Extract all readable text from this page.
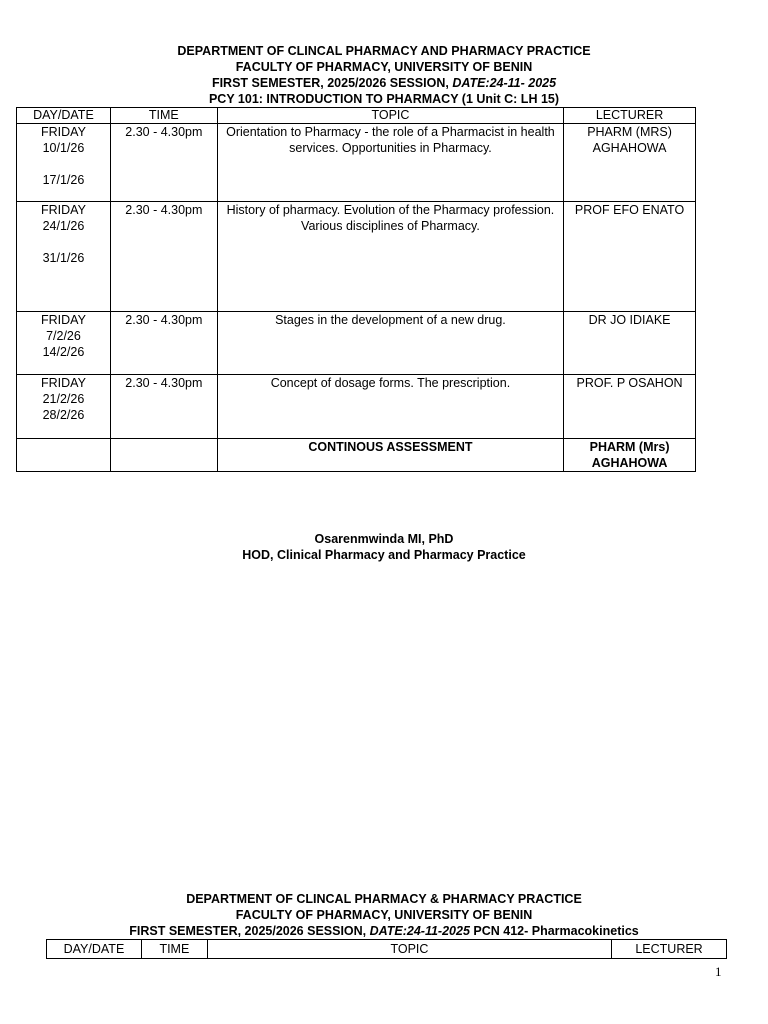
DEPARTMENT OF CLINCAL PHARMACY AND PHARMACY PRACTICE
FACULTY OF PHARMACY, UNIVERSITY OF BENIN
FIRST SEMESTER, 2025/2026 SESSION, DATE:24-11- 2025
PCY 101: INTRODUCTION TO PHARMACY (1 Unit C: LH 15)
DAY/DATE	TIME	TOPIC	LECTURER

FRIDAY
10/1/26
17/1/26	2.30 - 4.30pm	Orientation to Pharmacy - the role of a Pharmacist in health services. Opportunities in Pharmacy.	PHARM (MRS) AGHAHOWA

FRIDAY
24/1/26
31/1/26	2.30 - 4.30pm	History of pharmacy. Evolution of the Pharmacy profession. Various disciplines of Pharmacy.	PROF EFO ENATO

FRIDAY
7/2/26
14/2/26	2.30 - 4.30pm	Stages in the development of a new drug.	DR JO IDIAKE

FRIDAY
21/2/26
28/2/26	2.30 - 4.30pm	Concept of dosage forms. The prescription.	PROF. P OSAHON
		CONTINOUS ASSESSMENT	PHARM (Mrs)
AGHAHOWA
Osarenmwinda MI, PhD
HOD, Clinical Pharmacy and Pharmacy Practice
DEPARTMENT OF CLINCAL PHARMACY & PHARMACY PRACTICE
FACULTY OF PHARMACY, UNIVERSITY OF BENIN
FIRST SEMESTER, 2025/2026 SESSION, DATE:24-11-2025 PCN 412- Pharmacokinetics
DAY/DATE	TIME	TOPIC	LECTURER
1
